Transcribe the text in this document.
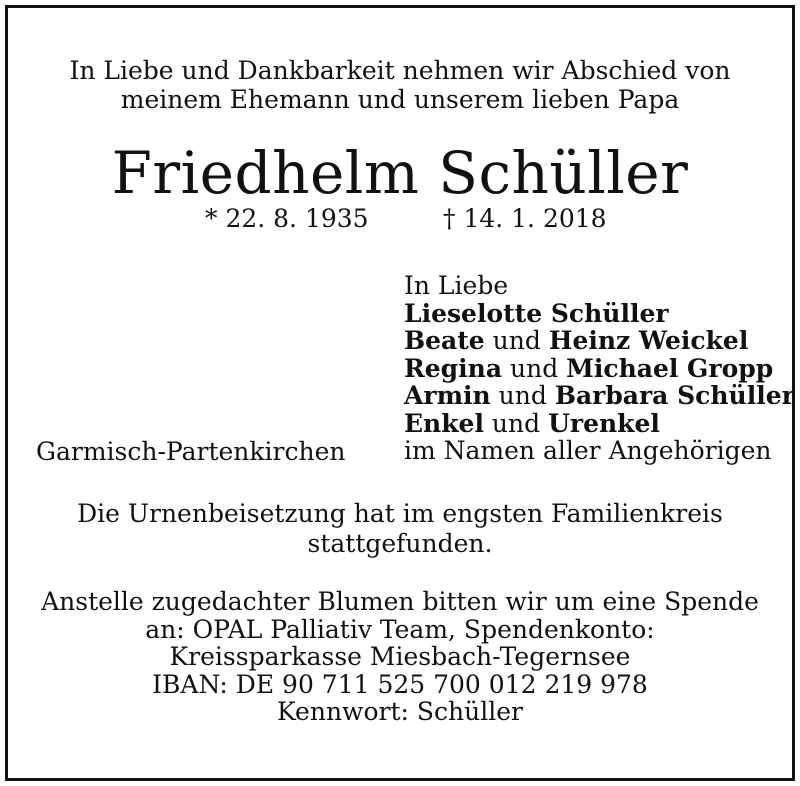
In Liebe und Dankbarkeit nehmen wir Abschied von
meinem Ehemann und unserem lieben Papa
Friedhelm Schüller
* 22. 8. 1935	† 14. 1. 2018
In Liebe
Lieselotte Schüller
Beate und Heinz Weickel
Regina und Michael Gropp
Armin und Barbara Schüller
Enkel und Urenkel
im Namen aller Angehörigen
Garmisch-Partenkirchen
Die Urnenbeisetzung hat im engsten Familienkreis
stattgefunden.
Anstelle zugedachter Blumen bitten wir um eine Spende
an: OPAL Palliativ Team, Spendenkonto:
Kreissparkasse Miesbach-Tegernsee
IBAN: DE 90 711 525 700 012 219 978
Kennwort: Schüller
